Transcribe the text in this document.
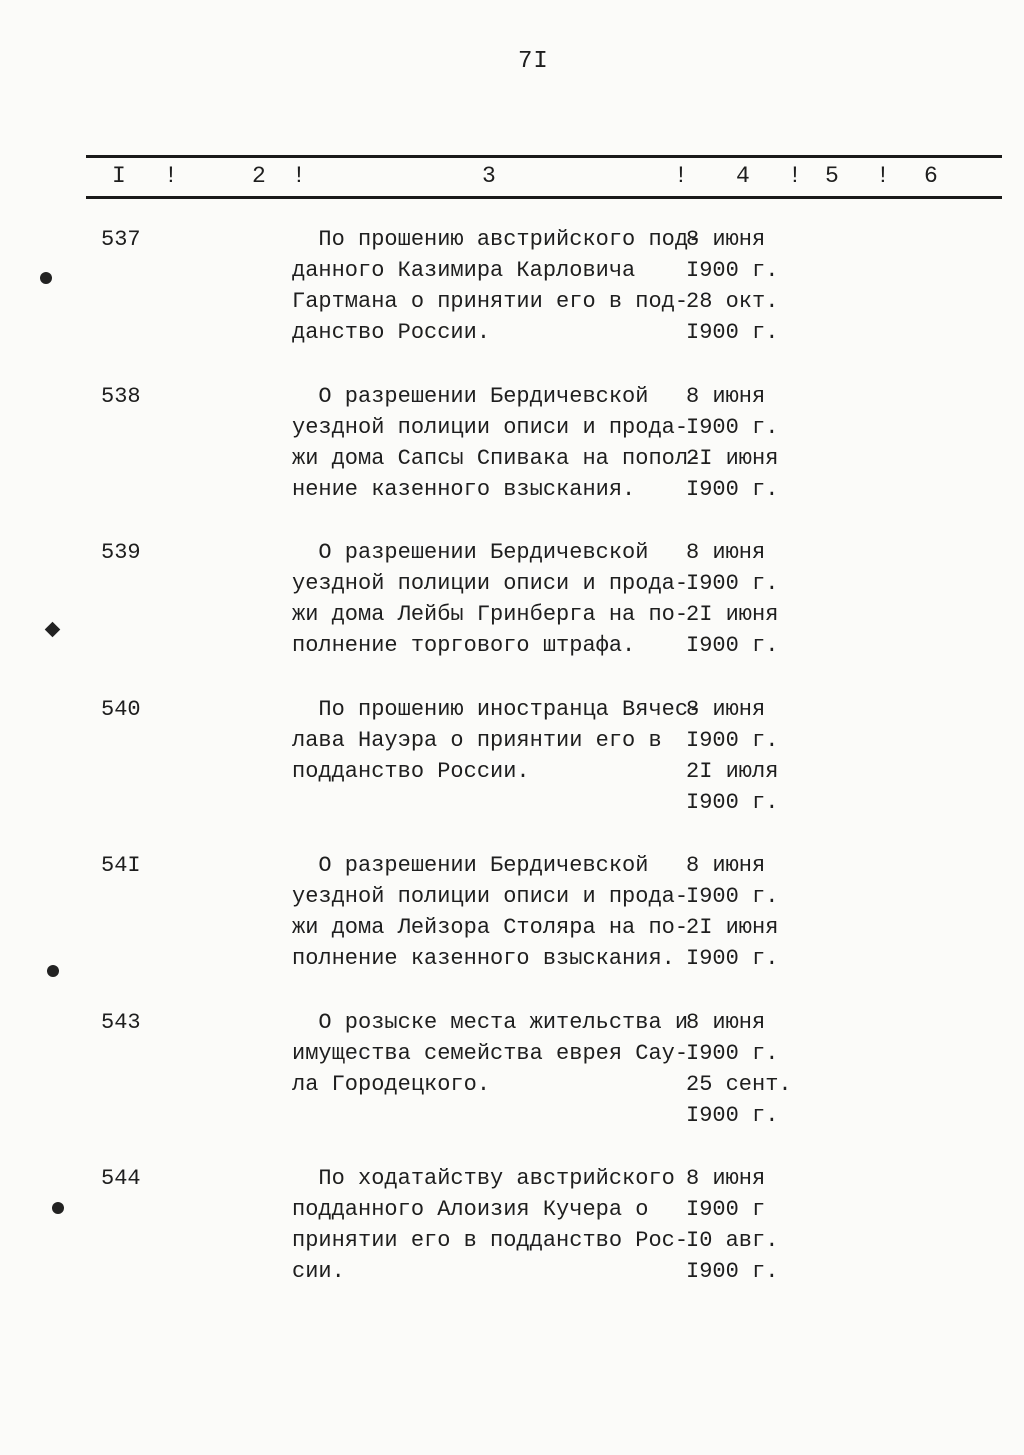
7I
I !	2 !	3	! 4 ! 5 ! 6
537	По прошению австрийского под-
данного Казимира Карловича
Гартмана о принятии его в под-
данство России.
8 июня
I900 г.
28 окт.
I900 г.
538	О разрешении Бердичевской
уездной полиции описи и прода-
жи дома Сапсы Спивака на попол-
нение казенного взыскания.
8 июня
I900 г.
2I июня
I900 г.
539	О разрешении Бердичевской
уездной полиции описи и прода-
жи дома Лейбы Гринберга на по-
полнение торгового штрафа.
8 июня
I900 г.
2I июня
I900 г.
540	По прошению иностранца Вячес-
лава Науэра о приянтии его в
подданство России.
8 июня
I900 г.
2I июля
I900 г.
54I	О разрешении Бердичевской
уездной полиции описи и прода-
жи дома Лейзора Столяра на по-
полнение казенного взыскания.
8 июня
I900 г.
2I июня
I900 г.
543	О розыске места жительства и
имущества семейства еврея Сау-
ла Городецкого.
8 июня
I900 г.
25 сент.
I900 г.
544	По ходатайству австрийского
подданного Алоизия Кучера о
принятии его в подданство Рос-
сии.
8 июня
I900 г
I0 авг.
I900 г.
